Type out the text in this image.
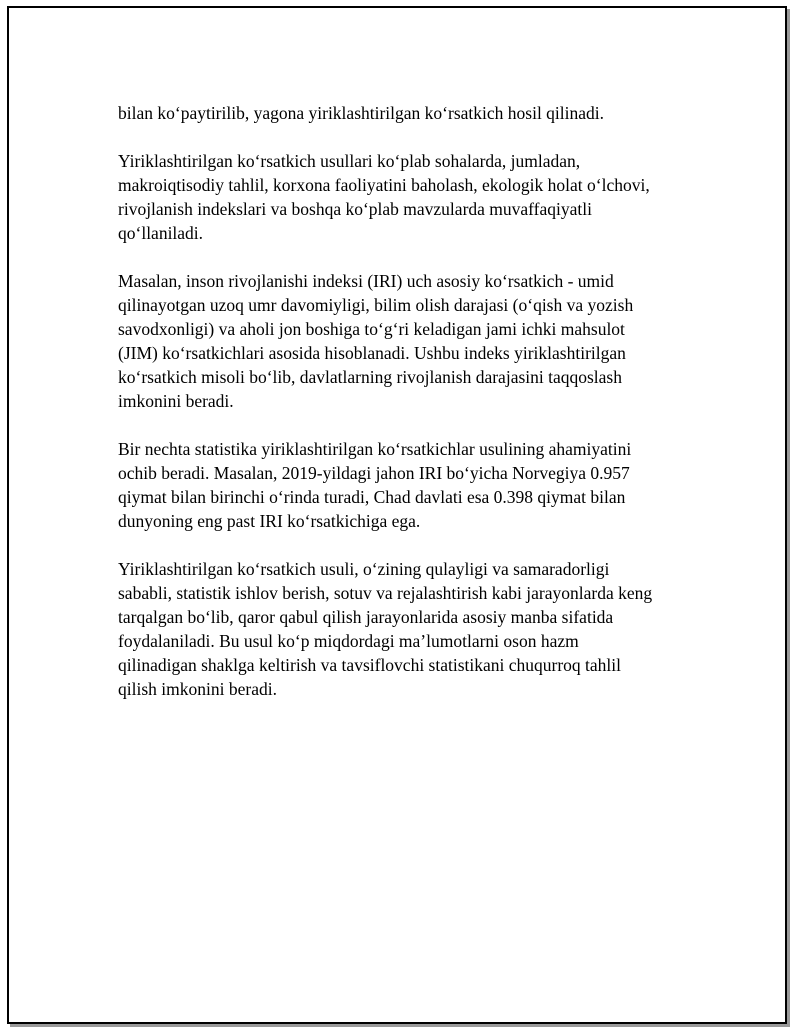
bilan ko‘paytirilib, yagona yiriklashtirilgan ko‘rsatkich hosil qilinadi.

Yiriklashtirilgan ko‘rsatkich usullari ko‘plab sohalarda, jumladan,
makroiqtisodiy tahlil, korxona faoliyatini baholash, ekologik holat o‘lchovi,
rivojlanish indekslari va boshqa ko‘plab mavzularda muvaffaqiyatli
qo‘llaniladi.

Masalan, inson rivojlanishi indeksi (IRI) uch asosiy ko‘rsatkich - umid
qilinayotgan uzoq umr davomiyligi, bilim olish darajasi (o‘qish va yozish
savodxonligi) va aholi jon boshiga to‘g‘ri keladigan jami ichki mahsulot
(JIM) ko‘rsatkichlari asosida hisoblanadi. Ushbu indeks yiriklashtirilgan
ko‘rsatkich misoli bo‘lib, davlatlarning rivojlanish darajasini taqqoslash
imkonini beradi.

Bir nechta statistika yiriklashtirilgan ko‘rsatkichlar usulining ahamiyatini
ochib beradi. Masalan, 2019-yildagi jahon IRI bo‘yicha Norvegiya 0.957
qiymat bilan birinchi o‘rinda turadi, Chad davlati esa 0.398 qiymat bilan
dunyoning eng past IRI ko‘rsatkichiga ega.

Yiriklashtirilgan ko‘rsatkich usuli, o‘zining qulayligi va samaradorligi
sababli, statistik ishlov berish, sotuv va rejalashtirish kabi jarayonlarda keng
tarqalgan bo‘lib, qaror qabul qilish jarayonlarida asosiy manba sifatida
foydalaniladi. Bu usul ko‘p miqdordagi ma’lumotlarni oson hazm
qilinadigan shaklga keltirish va tavsiflovchi statistikani chuqurroq tahlil
qilish imkonini beradi.
